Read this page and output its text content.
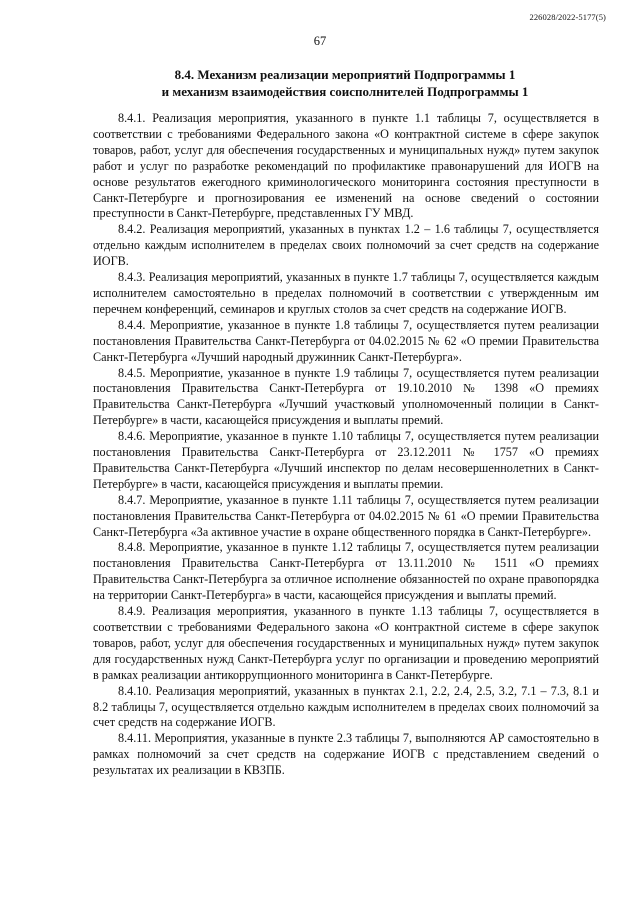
226028/2022-5177(5)
67
8.4. Механизм реализации мероприятий Подпрограммы 1
и механизм взаимодействия соисполнителей Подпрограммы 1

8.4.1. Реализация мероприятия, указанного в пункте 1.1 таблицы 7, осуществляется в соответствии с требованиями Федерального закона «О контрактной системе в сфере закупок товаров, работ, услуг для обеспечения государственных и муниципальных нужд» путем закупок работ и услуг по разработке рекомендаций по профилактике правонарушений для ИОГВ на основе результатов ежегодного криминологического мониторинга состояния преступности в Санкт-Петербурге и прогнозирования ее изменений на основе сведений о состоянии преступности в Санкт-Петербурге, представленных ГУ МВД.

8.4.2. Реализация мероприятий, указанных в пунктах 1.2 – 1.6 таблицы 7, осуществляется отдельно каждым исполнителем в пределах своих полномочий за счет средств на содержание ИОГВ.

8.4.3. Реализация мероприятий, указанных в пункте 1.7 таблицы 7, осуществляется каждым исполнителем самостоятельно в пределах полномочий в соответствии с утвержденным им перечнем конференций, семинаров и круглых столов за счет средств на содержание ИОГВ.

8.4.4. Мероприятие, указанное в пункте 1.8 таблицы 7, осуществляется путем реализации постановления Правительства Санкт-Петербурга от 04.02.2015 № 62 «О премии Правительства Санкт-Петербурга «Лучший народный дружинник Санкт-Петербурга».

8.4.5. Мероприятие, указанное в пункте 1.9 таблицы 7, осуществляется путем реализации постановления Правительства Санкт-Петербурга от 19.10.2010 № 1398 «О премиях Правительства Санкт-Петербурга «Лучший участковый уполномоченный полиции в Санкт-Петербурге» в части, касающейся присуждения и выплаты премий.

8.4.6. Мероприятие, указанное в пункте 1.10 таблицы 7, осуществляется путем реализации постановления Правительства Санкт-Петербурга от 23.12.2011 № 1757 «О премиях Правительства Санкт-Петербурга «Лучший инспектор по делам несовершеннолетних в Санкт-Петербурге» в части, касающейся присуждения и выплаты премии.

8.4.7. Мероприятие, указанное в пункте 1.11 таблицы 7, осуществляется путем реализации постановления Правительства Санкт-Петербурга от 04.02.2015 № 61 «О премии Правительства Санкт-Петербурга «За активное участие в охране общественного порядка в Санкт-Петербурге».

8.4.8. Мероприятие, указанное в пункте 1.12 таблицы 7, осуществляется путем реализации постановления Правительства Санкт-Петербурга от 13.11.2010 № 1511 «О премиях Правительства Санкт-Петербурга за отличное исполнение обязанностей по охране правопорядка на территории Санкт-Петербурга» в части, касающейся присуждения и выплаты премий.

8.4.9. Реализация мероприятия, указанного в пункте 1.13 таблицы 7, осуществляется в соответствии с требованиями Федерального закона «О контрактной системе в сфере закупок товаров, работ, услуг для обеспечения государственных и муниципальных нужд» путем закупок для государственных нужд Санкт-Петербурга услуг по организации и проведению мероприятий в рамках реализации антикоррупционного мониторинга в Санкт-Петербурге.

8.4.10. Реализация мероприятий, указанных в пунктах 2.1, 2.2, 2.4, 2.5, 3.2, 7.1 – 7.3, 8.1 и 8.2 таблицы 7, осуществляется отдельно каждым исполнителем в пределах своих полномочий за счет средств на содержание ИОГВ.

8.4.11. Мероприятия, указанные в пункте 2.3 таблицы 7, выполняются АР самостоятельно в рамках полномочий за счет средств на содержание ИОГВ с представлением сведений о результатах их реализации в КВЗПБ.
